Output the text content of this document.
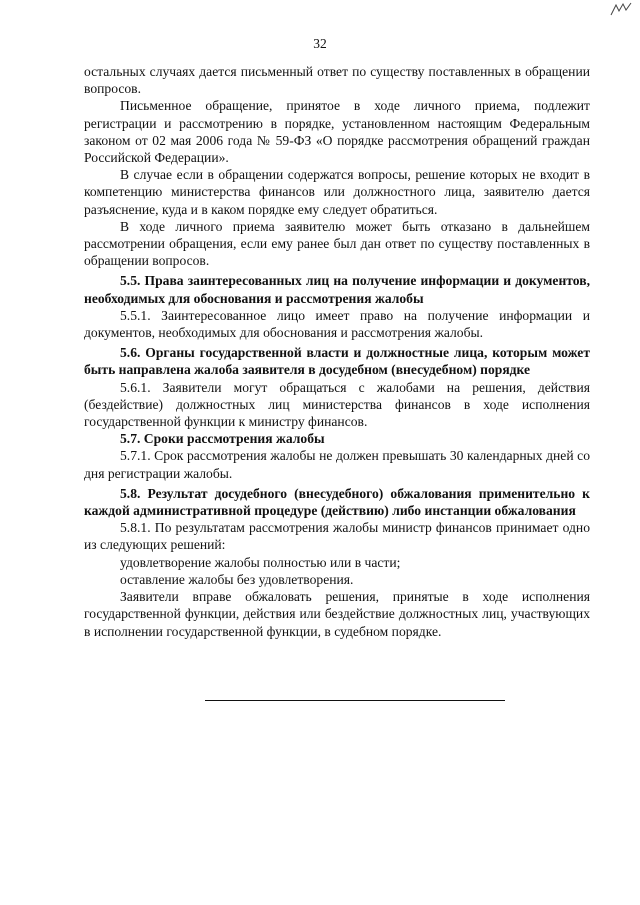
32

остальных случаях дается письменный ответ по существу поставленных в обращении вопросов.

Письменное обращение, принятое в ходе личного приема, подлежит регистрации и рассмотрению в порядке, установленном настоящим Федеральным законом от 02 мая 2006 года № 59-ФЗ «О порядке рассмотрения обращений граждан Российской Федерации».

В случае если в обращении содержатся вопросы, решение которых не входит в компетенцию министерства финансов или должностного лица, заявителю дается разъяснение, куда и в каком порядке ему следует обратиться.

В ходе личного приема заявителю может быть отказано в дальнейшем рассмотрении обращения, если ему ранее был дан ответ по существу поставленных в обращении вопросов.

5.5. Права заинтересованных лиц на получение информации и документов, необходимых для обоснования и рассмотрения жалобы

5.5.1. Заинтересованное лицо имеет право на получение информации и документов, необходимых для обоснования и рассмотрения жалобы.

5.6. Органы государственной власти и должностные лица, которым может быть направлена жалоба заявителя в досудебном (внесудебном) порядке

5.6.1. Заявители могут обращаться с жалобами на решения, действия (бездействие) должностных лиц министерства финансов в ходе исполнения государственной функции к министру финансов.

5.7. Сроки рассмотрения жалобы

5.7.1. Срок рассмотрения жалобы не должен превышать 30 календарных дней со дня регистрации жалобы.

5.8. Результат досудебного (внесудебного) обжалования применительно к каждой административной процедуре (действию) либо инстанции обжалования

5.8.1. По результатам рассмотрения жалобы министр финансов принимает одно из следующих решений:

удовлетворение жалобы полностью или в части;

оставление жалобы без удовлетворения.

Заявители вправе обжаловать решения, принятые в ходе исполнения государственной функции, действия или бездействие должностных лиц, участвующих в исполнении государственной функции, в судебном порядке.
